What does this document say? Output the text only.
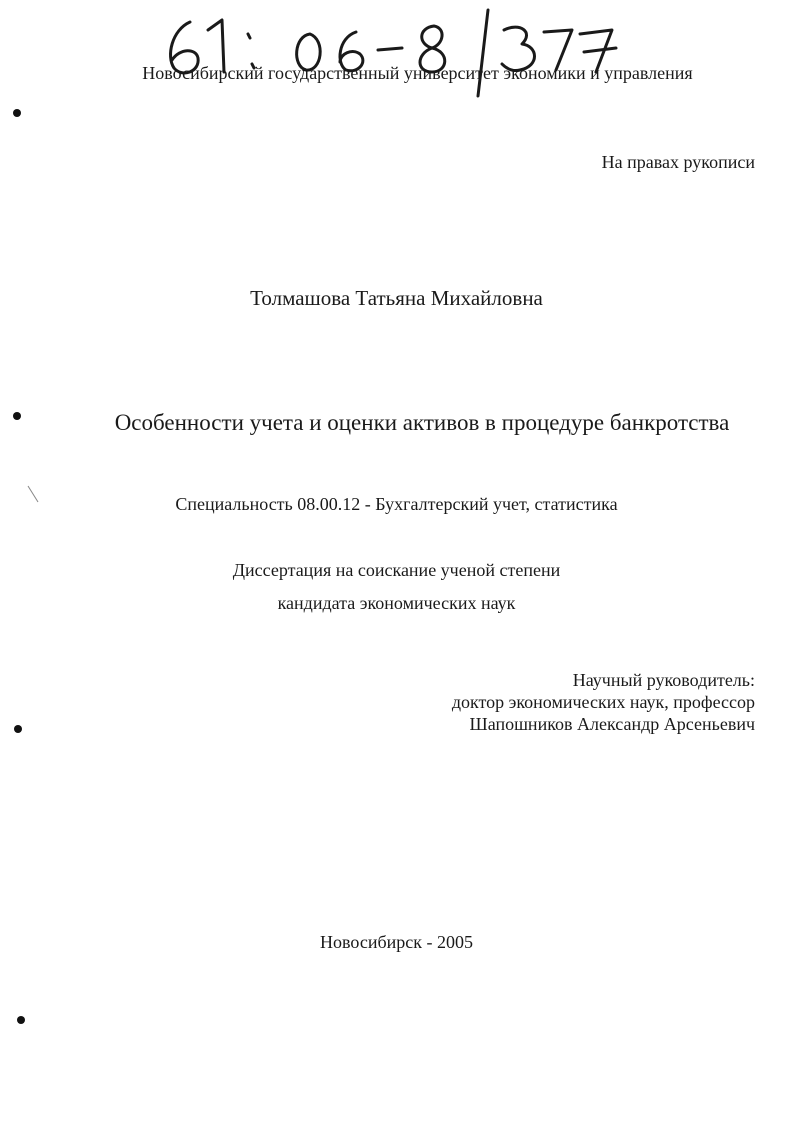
Новосибирский государственный университет экономики и управления
На правах рукописи
Толмашова Татьяна Михайловна
Особенности учета и оценки активов в процедуре банкротства
Специальность 08.00.12 - Бухгалтерский учет, статистика
Диссертация на соискание ученой степени
кандидата экономических наук
Научный руководитель:
доктор экономических наук, профессор
Шапошников Александр Арсеньевич
Новосибирск - 2005
